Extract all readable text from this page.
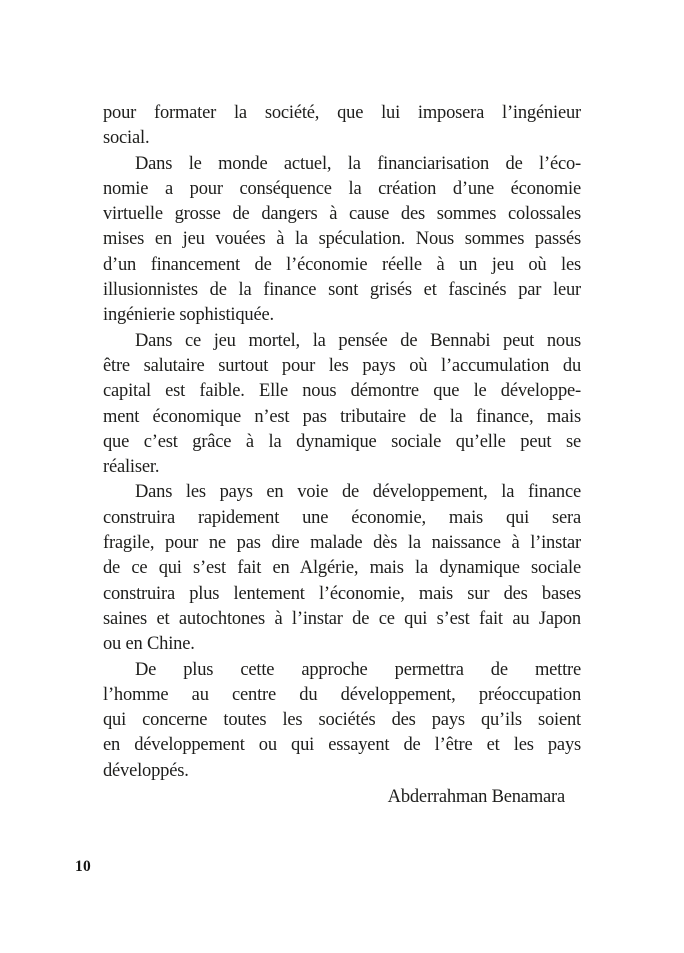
pour formater la société, que lui imposera l’ingénieur
social.
Dans le monde actuel, la financiarisation de l’éco-
nomie a pour conséquence la création d’une économie
virtuelle grosse de dangers à cause des sommes colossales
mises en jeu vouées à la spéculation. Nous sommes passés
d’un financement de l’économie réelle à un jeu où les
illusionnistes de la finance sont grisés et fascinés par leur
ingénierie sophistiquée.
Dans ce jeu mortel, la pensée de Bennabi peut nous
être salutaire surtout pour les pays où l’accumulation du
capital est faible. Elle nous démontre que le développe-
ment économique n’est pas tributaire de la finance, mais
que c’est grâce à la dynamique sociale qu’elle peut se
réaliser.
Dans les pays en voie de développement, la finance
construira rapidement une économie, mais qui sera
fragile, pour ne pas dire malade dès la naissance à l’instar
de ce qui s’est fait en Algérie, mais la dynamique sociale
construira plus lentement l’économie, mais sur des bases
saines et autochtones à l’instar de ce qui s’est fait au Japon
ou en Chine.
De plus cette approche permettra de mettre
l’homme au centre du développement, préoccupation
qui concerne toutes les sociétés des pays qu’ils soient
en développement ou qui essayent de l’être et les pays
développés.
Abderrahman Benamara
10
